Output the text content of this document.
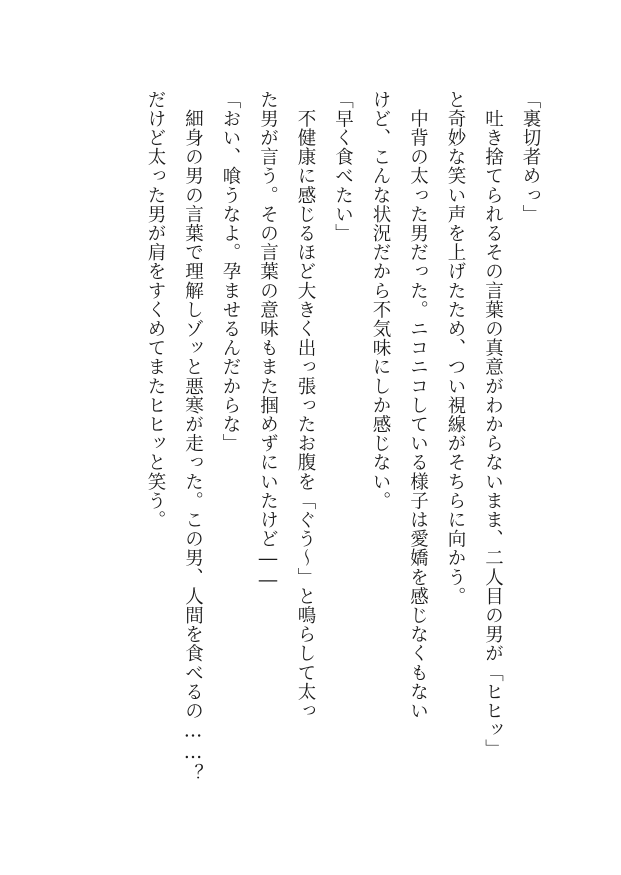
「裏切者めっ」
　吐き捨てられるその言葉の真意がわからないまま、二人目の男が「ヒヒッ」
と奇妙な笑い声を上げたため、つい視線がそちらに向かう。
　中背の太った男だった。ニコニコしている様子は愛嬌を感じなくもない
けど、こんな状況だから不気味にしか感じない。
「早く食べたい」
　不健康に感じるほど大きく出っ張ったお腹を「ぐう～」と鳴らして太っ
た男が言う。その言葉の意味もまた掴めずにいたけど――
「おい、喰うなよ。孕ませるんだからな」
　細身の男の言葉で理解しゾッと悪寒が走った。この男、人間を食べるの……？
だけど太った男が肩をすくめてまたヒヒッと笑う。
